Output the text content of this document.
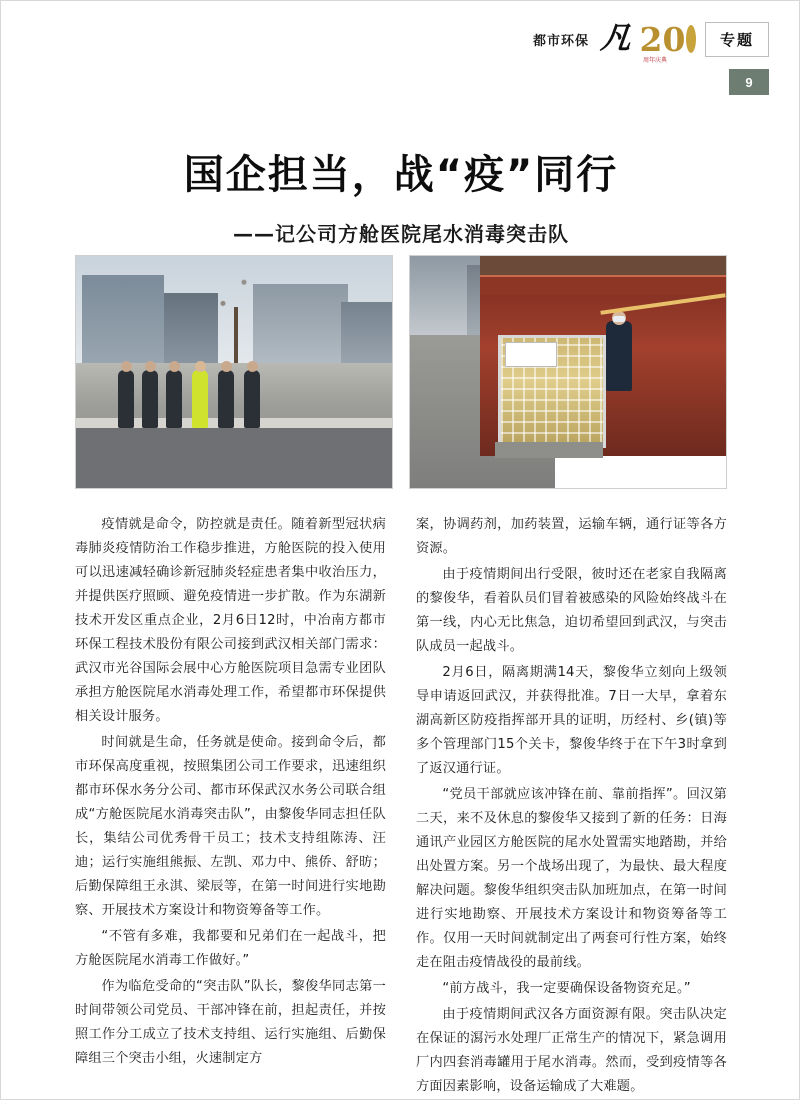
都市环保 凡 20
周年庆典
专题
9
国企担当，战“疫”同行
——记公司方舱医院尾水消毒突击队

疫情就是命令，防控就是责任。随着新型冠状病毒肺炎疫情防治工作稳步推进，方舱医院的投入使用可以迅速减轻确诊新冠肺炎轻症患者集中收治压力，并提供医疗照顾、避免疫情进一步扩散。作为东湖新技术开发区重点企业，2月6日12时，中冶南方都市环保工程技术股份有限公司接到武汉相关部门需求：武汉市光谷国际会展中心方舱医院项目急需专业团队承担方舱医院尾水消毒处理工作，希望都市环保提供相关设计服务。

时间就是生命，任务就是使命。接到命令后，都市环保高度重视，按照集团公司工作要求，迅速组织都市环保水务分公司、都市环保武汉水务公司联合组成“方舱医院尾水消毒突击队”，由黎俊华同志担任队长，集结公司优秀骨干员工；技术支持组陈涛、汪迪；运行实施组熊振、左凯、邓力中、熊侨、舒昉；后勤保障组王永淇、梁辰等，在第一时间进行实地勘察、开展技术方案设计和物资筹备等工作。

“不管有多难，我都要和兄弟们在一起战斗，把方舱医院尾水消毒工作做好。”

作为临危受命的“突击队”队长，黎俊华同志第一时间带领公司党员、干部冲锋在前，担起责任，并按照工作分工成立了技术支持组、运行实施组、后勤保障组三个突击小组，火速制定方

案，协调药剂，加药装置，运输车辆，通行证等各方资源。

由于疫情期间出行受限，彼时还在老家自我隔离的黎俊华，看着队员们冒着被感染的风险始终战斗在第一线，内心无比焦急，迫切希望回到武汉，与突击队成员一起战斗。

2月6日，隔离期满14天，黎俊华立刻向上级领导申请返回武汉，并获得批准。7日一大早，拿着东湖高新区防疫指挥部开具的证明，历经村、乡(镇)等多个管理部门15个关卡，黎俊华终于在下午3时拿到了返汉通行证。

“党员干部就应该冲锋在前、靠前指挥”。回汉第二天，来不及休息的黎俊华又接到了新的任务：日海通讯产业园区方舱医院的尾水处置需实地踏勘，并给出处置方案。另一个战场出现了，为最快、最大程度解决问题。黎俊华组织突击队加班加点，在第一时间进行实地勘察、开展技术方案设计和物资筹备等工作。仅用一天时间就制定出了两套可行性方案，始终走在阻击疫情战役的最前线。

“前方战斗，我一定要确保设备物资充足。”

由于疫情期间武汉各方面资源有限。突击队决定在保证的㵼污水处理厂正常生产的情况下，紧急调用厂内四套消毒罐用于尾水消毒。然而，受到疫情等各方面因素影响，设备运输成了大难题。
